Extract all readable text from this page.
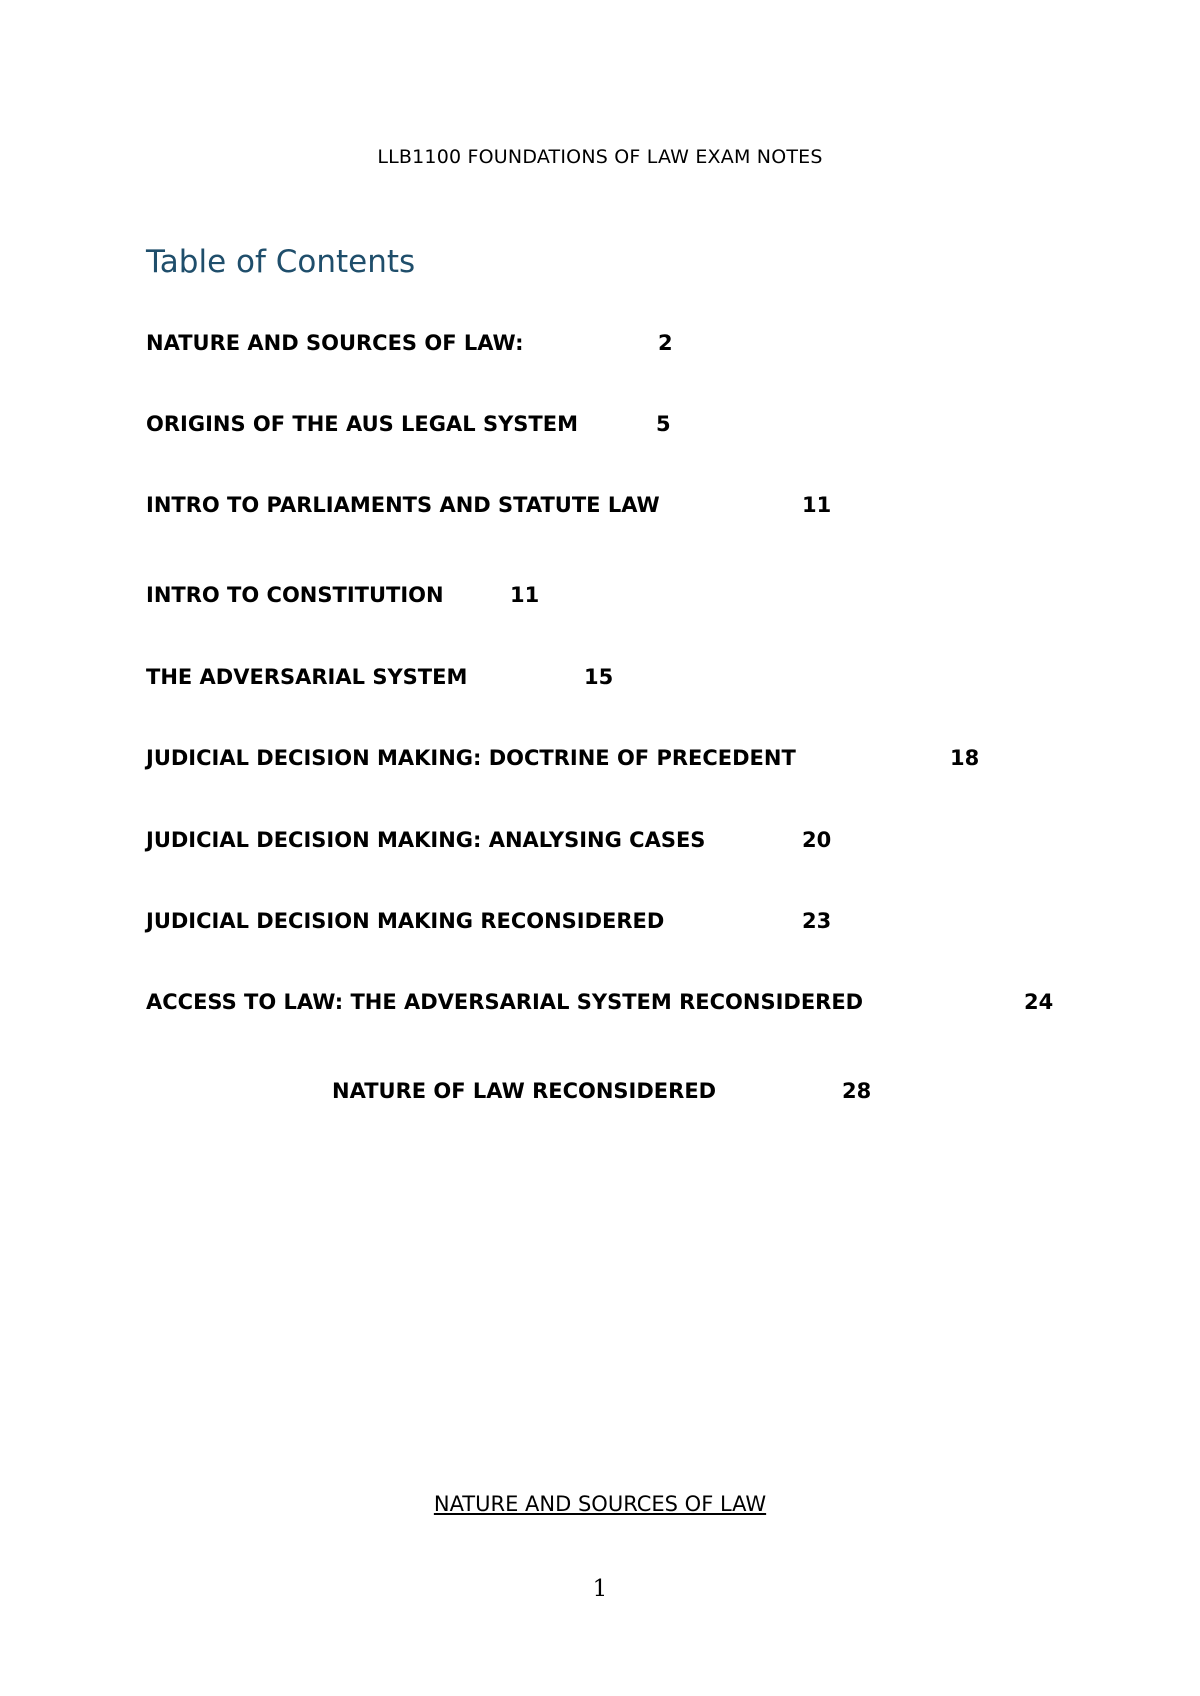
LLB1100 FOUNDATIONS OF LAW EXAM NOTES
Table of Contents
NATURE AND SOURCES OF LAW:	2
ORIGINS OF THE AUS LEGAL SYSTEM	5
INTRO TO PARLIAMENTS AND STATUTE LAW	11
INTRO TO CONSTITUTION	11
THE ADVERSARIAL SYSTEM	15
JUDICIAL DECISION MAKING: DOCTRINE OF PRECEDENT	18
JUDICIAL DECISION MAKING: ANALYSING CASES	20
JUDICIAL DECISION MAKING RECONSIDERED	23
ACCESS TO LAW: THE ADVERSARIAL SYSTEM RECONSIDERED	24
NATURE OF LAW RECONSIDERED	28
NATURE AND SOURCES OF LAW
1
